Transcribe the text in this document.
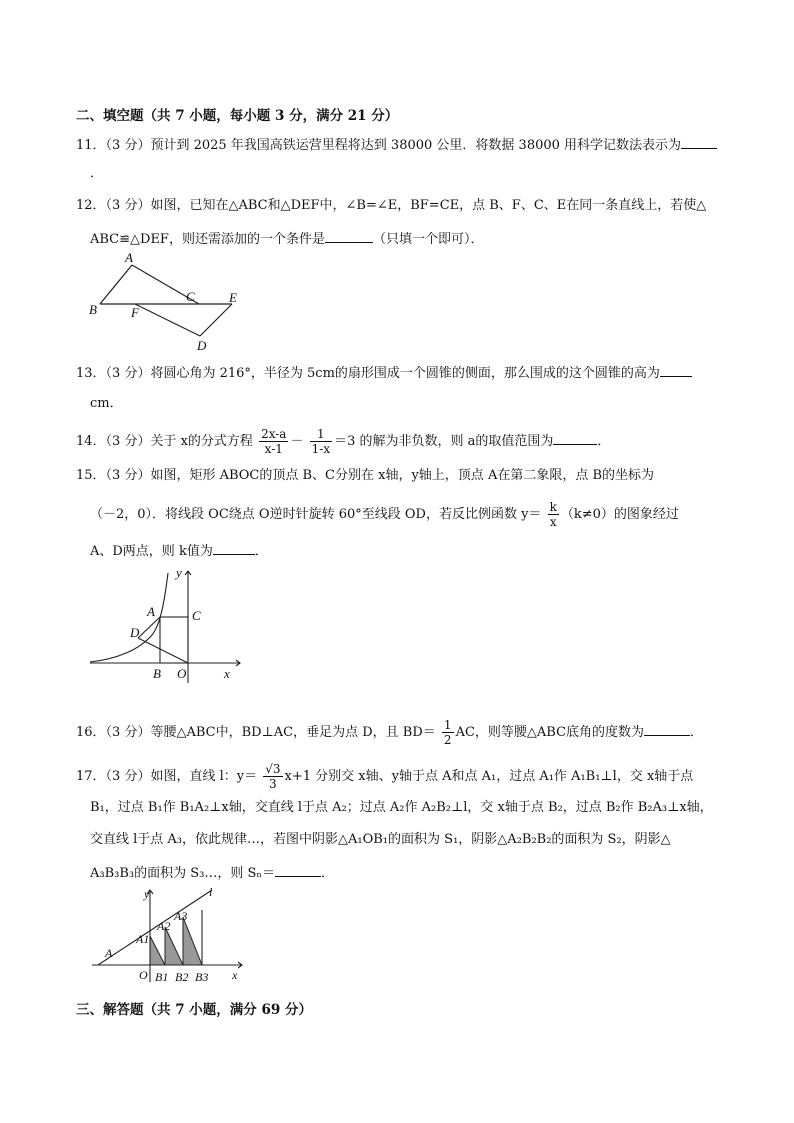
二、填空题（共 7 小题，每小题 3 分，满分 21 分）
11．（3 分）预计到 2025 年我国高铁运营里程将达到 38000 公里．将数据 38000 用科学记数法表示为
．
12．（3 分）如图，已知在△ABC和△DEF中，∠B=∠E，BF=CE，点 B、F、C、E在同一条直线上，若使△
ABC≌△DEF，则还需添加的一个条件是	（只填一个即可）．
A
B
C
D
E
F
13．（3 分）将圆心角为 216°，半径为 5cm的扇形围成一个圆锥的侧面，那么围成的这个圆锥的高为
cm．
14．（3 分）关于 x的分式方程 $\frac{2x-a}{x-1} - \frac{1}{1-x} =3$ 的解为非负数，则 a的取值范围为	．
15．（3 分）如图，矩形 ABOC的顶点 B、C分别在 x轴，y轴上，顶点 A在第二象限，点 B的坐标为
（－2，0）．将线段 OC绕点 O逆时针旋转 60°至线段 OD，若反比例函数 $y= \frac{k}{x} (k\ne 0)$的图象经过
A、D两点，则 k值为	．
y
x
A	C
D
B O
16．（3 分）等腰△ABC中，BD⊥AC，垂足为点 D，且 $BD= \frac{1}{2}$ AC，则等腰△ABC底角的度数为	．
17．（3 分）如图，直线 l：$y= \frac{√3}{3} x+1$ 分别交 x轴、y轴于点 A和点 A₁，过点 A₁作 A₁B₁⊥l，交 x轴于点
B₁，过点 B₁作 B₁A₂⊥x轴，交直线 l于点 A₂；过点 A₂作 A₂B₂⊥l，交 x轴于点 B₂，过点 B₂作 B₂A₃⊥x轴，
交直线 l于点 A₃，依此规律…，若图中阴影△A₁OB₁的面积为 S₁，阴影△A₂B₂B₂的面积为 S₂，阴影△
A₃B₃B₃的面积为 S₃…，则 Sₙ＝	．
y	l
A
A1
A2
A3
O B1 B2 B3 x
三、解答题（共 7 小题，满分 69 分）
